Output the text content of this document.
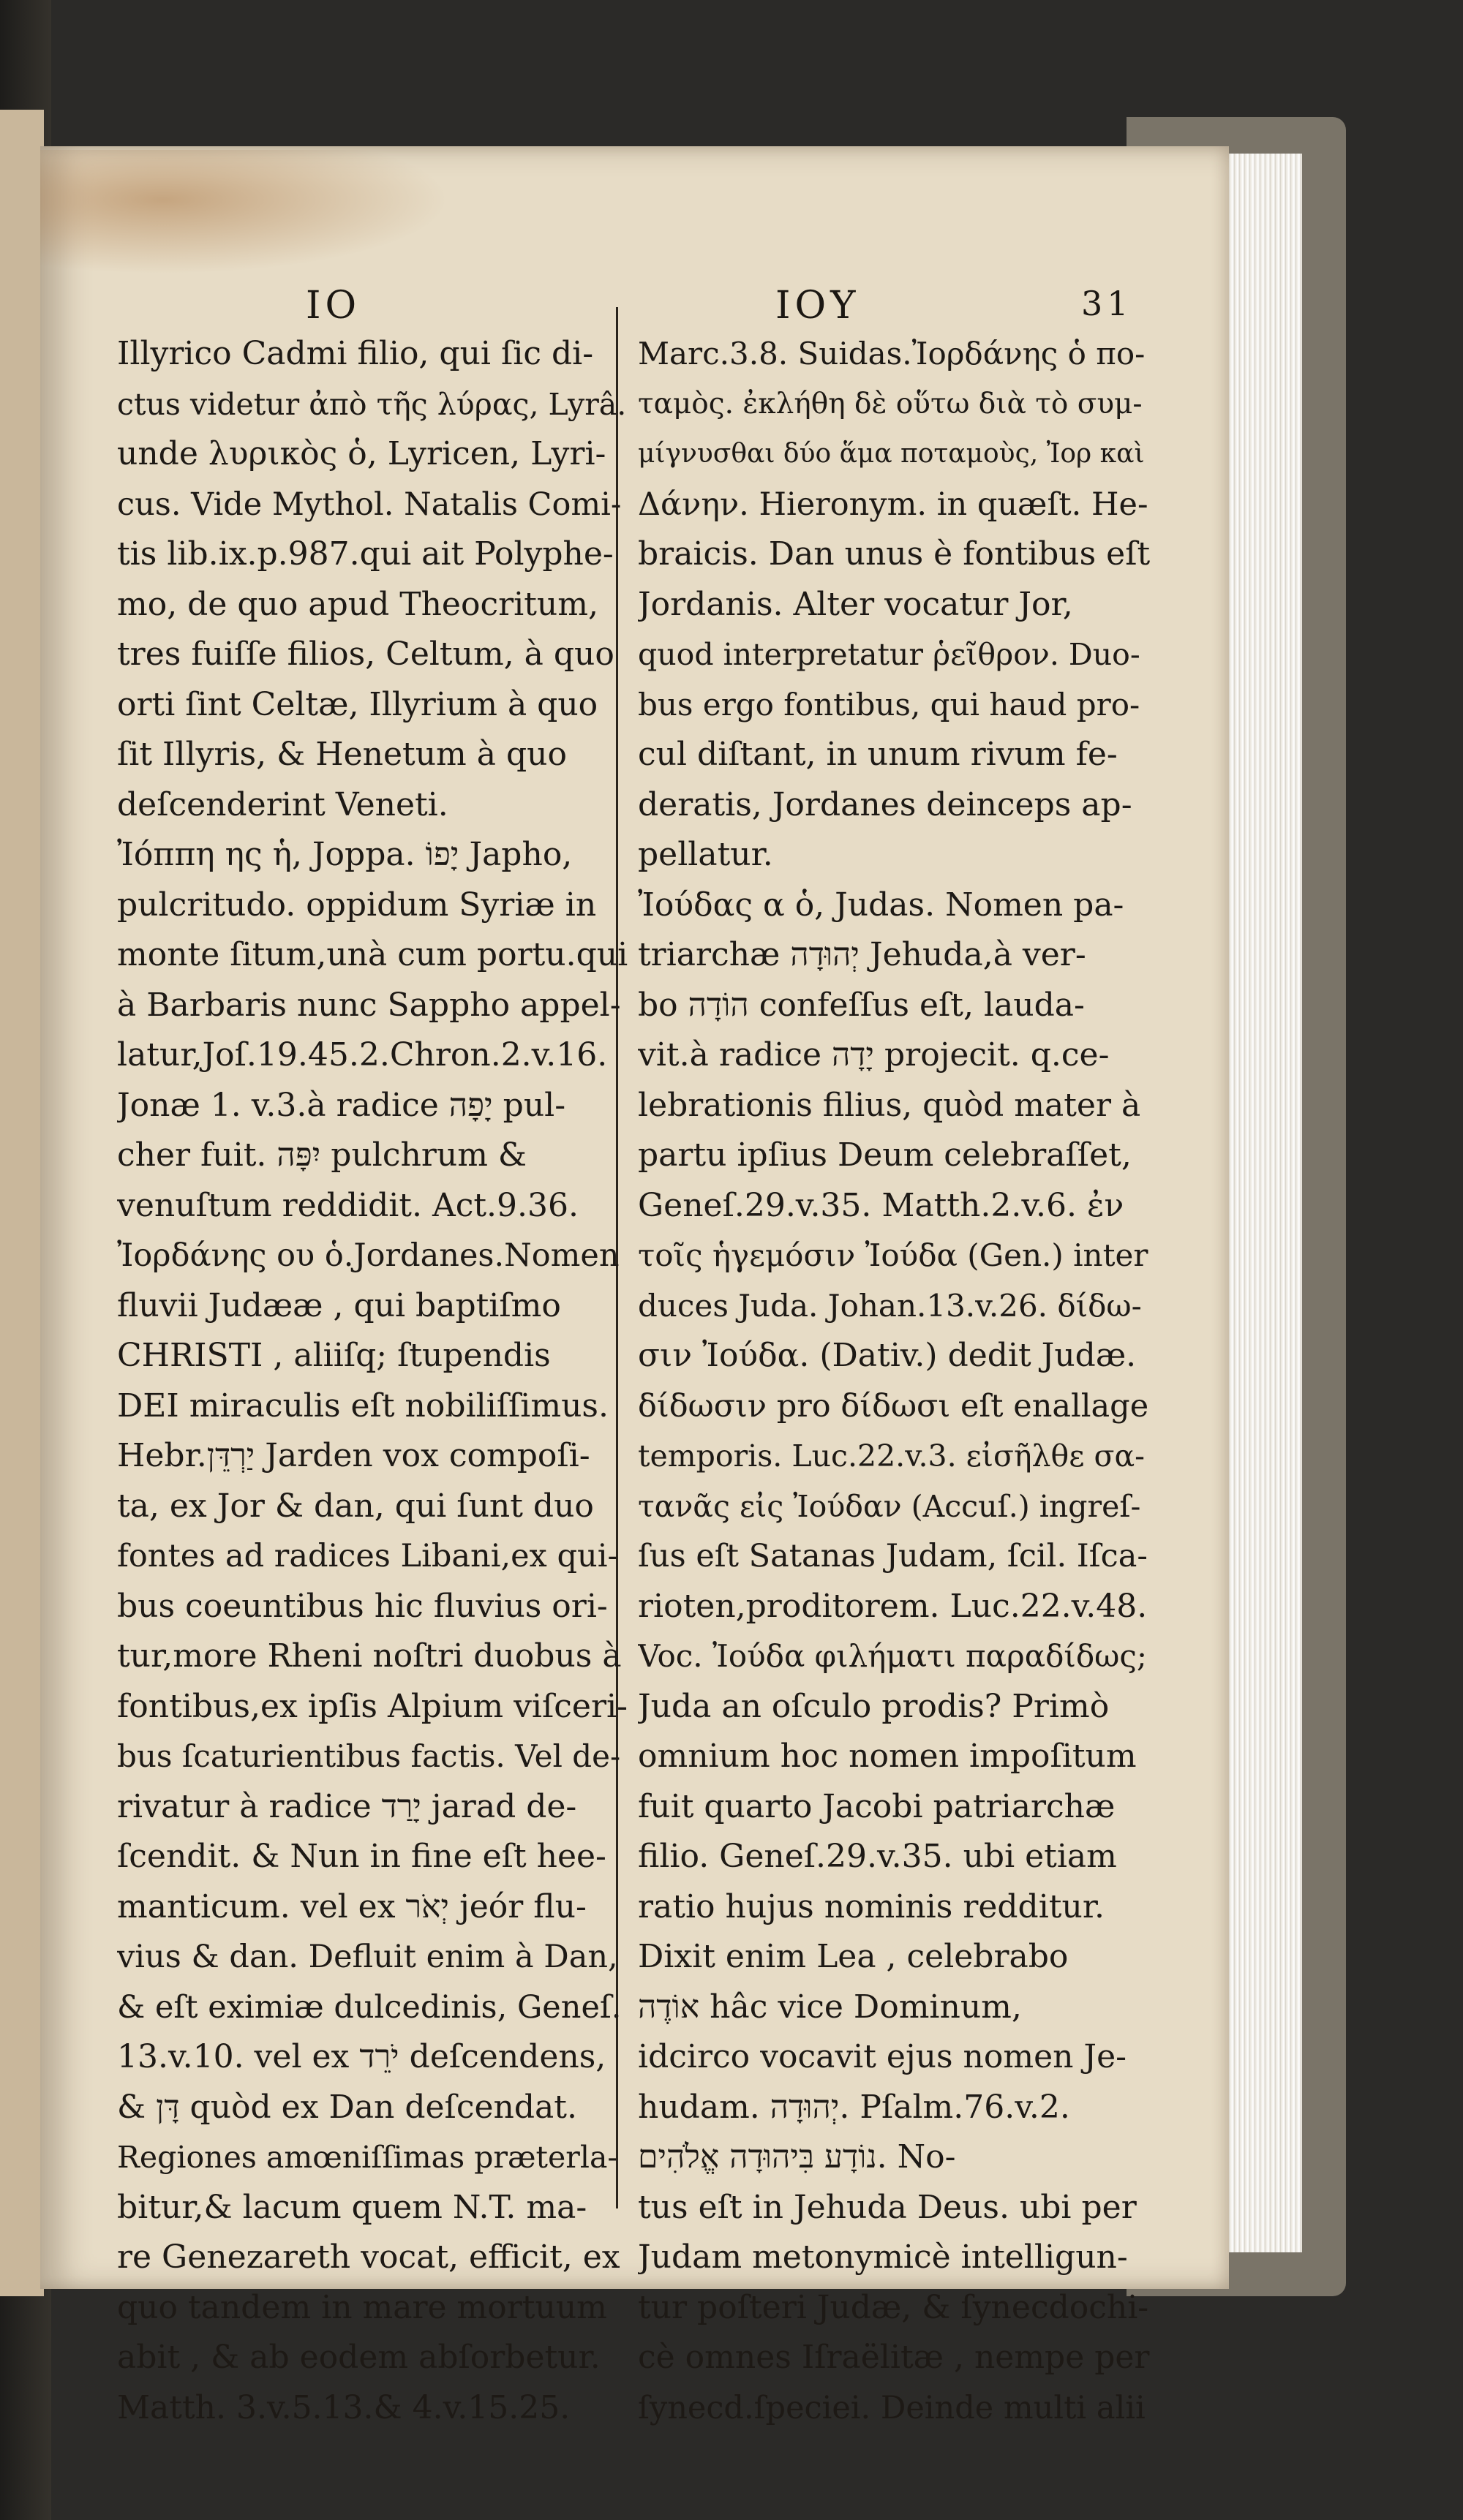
IO	IOY	31
Illyrico Cadmi filio, qui ſic di-
ctus videtur ἀπὸ τῆς λύρας, Lyrâ.
unde λυρικὸς ὁ, Lyricen, Lyri-
cus. Vide Mythol. Natalis Comi-
tis lib.ix.p.987.qui ait Polyphe-
mo, de quo apud Theocritum,
tres fuiſſe filios, Celtum, à quo
orti ſint Celtæ, Illyrium à quo
ſit Illyris, & Henetum à quo
deſcenderint Veneti.
Ἰόππη ης ἡ, Joppa. יָפוֹ Japho,
pulcritudo. oppidum Syriæ in
monte ſitum,unà cum portu.qui
à Barbaris nunc Sappho appel-
latur,Joſ.19.45.2.Chron.2.v.16.
Jonæ 1. v.3.à radice יָפָה pul-
cher fuit. יִפָּה pulchrum &
venuſtum reddidit. Act.9.36.
Ἰορδάνης ου ὁ.Jordanes.Nomen
fluvii Judææ , qui baptiſmo
CHRISTI , aliiſq; ſtupendis
DEI miraculis eſt nobiliſſimus.
Hebr.יַרְדֵּן Jarden vox compoſi-
ta, ex Jor & dan, qui ſunt duo
fontes ad radices Libani,ex qui-
bus coeuntibus hic fluvius ori-
tur,more Rheni noſtri duobus à
fontibus,ex ipſis Alpium viſceri-
bus ſcaturientibus factis. Vel de-
rivatur à radice יָרַד jarad de-
ſcendit. & Nun in fine eſt hee-
manticum. vel ex יְאֹר jeór flu-
vius & dan. Defluit enim à Dan,
& eſt eximiæ dulcedinis, Geneſ.
13.v.10. vel ex יֹרֵד deſcendens,
& דָּן quòd ex Dan deſcendat.
Regiones amœniſſimas præterla-
bitur,& lacum quem N.T. ma-
re Genezareth vocat, efficit, ex
quo tandem in mare mortuum
abit , & ab eodem abſorbetur.
Matth. 3.v.5.13.& 4.v.15.25.
Marc.3.8. Suidas.Ἰορδάνης ὁ πο-
ταμὸς. ἐκλήθη δὲ οὕτω διὰ τὸ συμ-
μίγνυσθαι δύο ἅμα ποταμοὺς, Ἰορ καὶ
Δάνην. Hieronym. in quæſt. He-
braicis. Dan unus è fontibus eſt
Jordanis. Alter vocatur Jor,
quod interpretatur ῥεῖθρον. Duo-
bus ergo fontibus, qui haud pro-
cul diſtant, in unum rivum fe-
deratis, Jordanes deinceps ap-
pellatur.
Ἰούδας α ὁ, Judas. Nomen pa-
triarchæ יְהוּדָה Jehuda,à ver-
bo הוֹדָה confeſſus eſt, lauda-
vit.à radice יָדָה projecit. q.ce-
lebrationis filius, quòd mater à
partu ipſius Deum celebraſſet,
Geneſ.29.v.35. Matth.2.v.6. ἐν
τοῖς ἡγεμόσιν Ἰούδα (Gen.) inter
duces Juda. Johan.13.v.26. δίδω-
σιν Ἰούδα. (Dativ.) dedit Judæ.
δίδωσιν pro δίδωσι eſt enallage
temporis. Luc.22.v.3. εἰσῆλθε σα-
τανᾶς εἰς Ἰούδαν (Accuſ.) ingreſ-
ſus eſt Satanas Judam, ſcil. Iſca-
rioten,proditorem. Luc.22.v.48.
Voc. Ἰούδα φιλήματι παραδίδως;
Juda an oſculo prodis? Primò
omnium hoc nomen impoſitum
fuit quarto Jacobi patriarchæ
filio. Geneſ.29.v.35. ubi etiam
ratio hujus nominis redditur.
Dixit enim Lea , celebrabo
אוֹדֶה hâc vice Dominum,
idcirco vocavit ejus nomen Je-
hudam. יְהוּדָה. Pſalm.76.v.2.
נוֹדָע בִּיהוּדָה אֱלֹהִים. No-
tus eſt in Jehuda Deus. ubi per
Judam metonymicè intelligun-
tur poſteri Judæ, & ſynecdochi-
cè omnes Iſraëlitæ , nempe per
ſynecd.ſpeciei. Deinde multi alii
